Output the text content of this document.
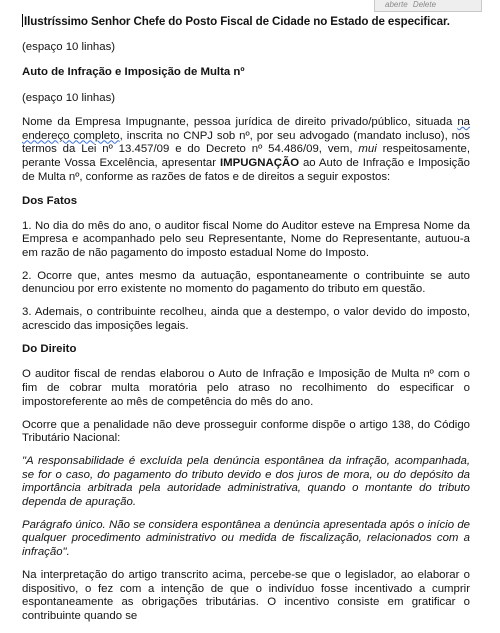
aberte Delete
Ilustríssimo Senhor Chefe do Posto Fiscal de Cidade no Estado de especificar.
(espaço 10 linhas)
Auto de Infração e Imposição de Multa nº
(espaço 10 linhas)
Nome da Empresa Impugnante, pessoa jurídica de direito privado/público, situada na endereço completo, inscrita no CNPJ sob nº, por seu advogado (mandato incluso), nos termos da Lei nº 13.457/09 e do Decreto nº 54.486/09, vem, mui respeitosamente, perante Vossa Excelência, apresentar IMPUGNAÇÃO ao Auto de Infração e Imposição de Multa nº, conforme as razões de fatos e de direitos a seguir expostos:
Dos Fatos
1. No dia do mês do ano, o auditor fiscal Nome do Auditor esteve na Empresa Nome da Empresa e acompanhado pelo seu Representante, Nome do Representante, autuou-a em razão de não pagamento do imposto estadual Nome do Imposto.
2. Ocorre que, antes mesmo da autuação, espontaneamente o contribuinte se auto denunciou por erro existente no momento do pagamento do tributo em questão.
3. Ademais, o contribuinte recolheu, ainda que a destempo, o valor devido do imposto, acrescido das imposições legais.
Do Direito
O auditor fiscal de rendas elaborou o Auto de Infração e Imposição de Multa nº com o fim de cobrar multa moratória pelo atraso no recolhimento do especificar o impostoreferente ao mês de competência do mês do ano.
Ocorre que a penalidade não deve prosseguir conforme dispõe o artigo 138, do Código Tributário Nacional:
"A responsabilidade é excluída pela denúncia espontânea da infração, acompanhada, se for o caso, do pagamento do tributo devido e dos juros de mora, ou do depósito da importância arbitrada pela autoridade administrativa, quando o montante do tributo dependa de apuração.
Parágrafo único. Não se considera espontânea a denúncia apresentada após o início de qualquer procedimento administrativo ou medida de fiscalização, relacionados com a infração".
Na interpretação do artigo transcrito acima, percebe-se que o legislador, ao elaborar o dispositivo, o fez com a intenção de que o indivíduo fosse incentivado a cumprir espontaneamente as obrigações tributárias. O incentivo consiste em gratificar o contribuinte quando se
